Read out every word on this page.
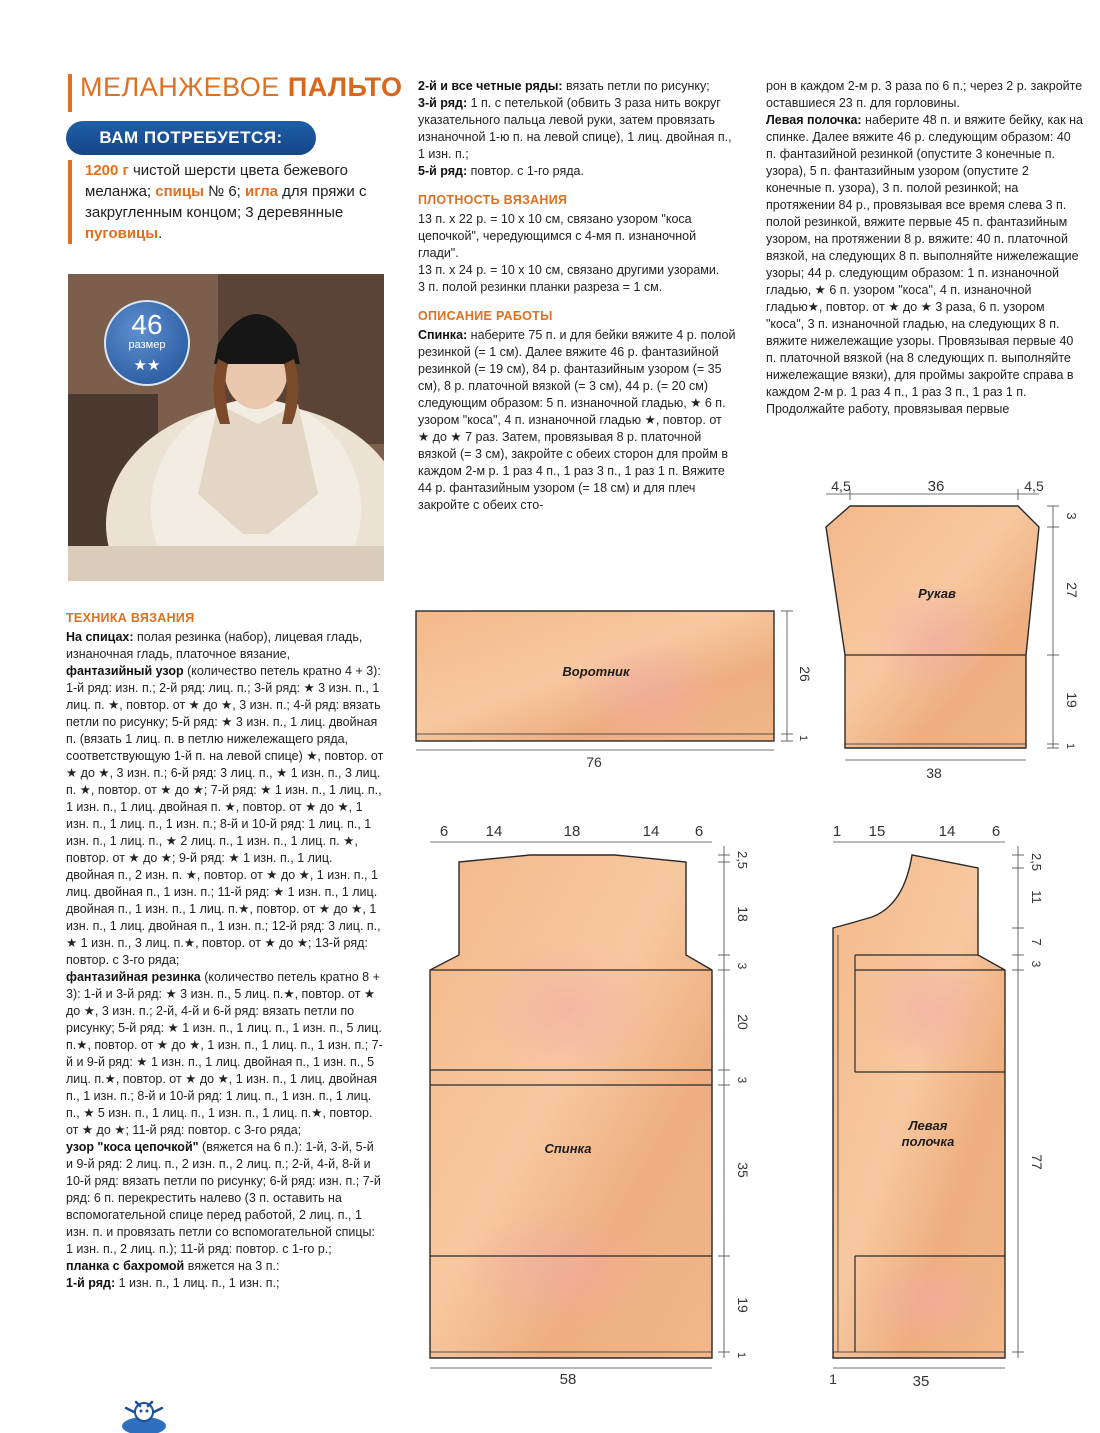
МЕЛАНЖЕВОЕ ПАЛЬТО
ВАМ ПОТРЕБУЕТСЯ:
1200 г чистой шерсти цвета бежевого меланжа; спицы № 6; игла для пряжи с закругленным концом; 3 деревянные пуговицы.
46
размер
★★
ТЕХНИКА ВЯЗАНИЯ

На спицах: полая резинка (набор), лицевая гладь, изнаночная гладь, платочное вязание,

фантазийный узор (количество петель кратно 4 + 3): 1-й ряд: изн. п.; 2-й ряд: лиц. п.; 3-й ряд: ★ 3 изн. п., 1 лиц. п. ★, повтор. от ★ до ★, 3 изн. п.; 4-й ряд: вязать петли по рисунку; 5-й ряд: ★ 3 изн. п., 1 лиц. двойная п. (вязать 1 лиц. п. в петлю нижележащего ряда, соответствующую 1-й п. на левой спице) ★, повтор. от ★ до ★, 3 изн. п.; 6-й ряд: 3 лиц. п., ★ 1 изн. п., 3 лиц. п. ★, повтор. от ★ до ★; 7-й ряд: ★ 1 изн. п., 1 лиц. п., 1 изн. п., 1 лиц. двойная п. ★, повтор. от ★ до ★, 1 изн. п., 1 лиц. п., 1 изн. п.; 8-й и 10-й ряд: 1 лиц. п., 1 изн. п., 1 лиц. п., ★ 2 лиц. п., 1 изн. п., 1 лиц. п. ★, повтор. от ★ до ★; 9-й ряд: ★ 1 изн. п., 1 лиц. двойная п., 2 изн. п. ★, повтор. от ★ до ★, 1 изн. п., 1 лиц. двойная п., 1 изн. п.; 11-й ряд: ★ 1 изн. п., 1 лиц. двойная п., 1 изн. п., 1 лиц. п.★, повтор. от ★ до ★, 1 изн. п., 1 лиц. двойная п., 1 изн. п.; 12-й ряд: 3 лиц. п., ★ 1 изн. п., 3 лиц. п.★, повтор. от ★ до ★; 13-й ряд: повтор. с 3-го ряда;

фантазийная резинка (количество петель кратно 8 + 3): 1-й и 3-й ряд: ★ 3 изн. п., 5 лиц. п.★, повтор. от ★ до ★, 3 изн. п.; 2-й, 4-й и 6-й ряд: вязать петли по рисунку; 5-й ряд: ★ 1 изн. п., 1 лиц. п., 1 изн. п., 5 лиц. п.★, повтор. от ★ до ★, 1 изн. п., 1 лиц. п., 1 изн. п.; 7-й и 9-й ряд: ★ 1 изн. п., 1 лиц. двойная п., 1 изн. п., 5 лиц. п.★, повтор. от ★ до ★, 1 изн. п., 1 лиц. двойная п., 1 изн. п.; 8-й и 10-й ряд: 1 лиц. п., 1 изн. п., 1 лиц. п., ★ 5 изн. п., 1 лиц. п., 1 изн. п., 1 лиц. п.★, повтор. от ★ до ★; 11-й ряд: повтор. с 3-го ряда;

узор "коса цепочкой" (вяжется на 6 п.): 1-й, 3-й, 5-й и 9-й ряд: 2 лиц. п., 2 изн. п., 2 лиц. п.; 2-й, 4-й, 8-й и 10-й ряд: вязать петли по рисунку; 6-й ряд: изн. п.; 7-й ряд: 6 п. перекрестить налево (3 п. оставить на вспомогательной спице перед работой, 2 лиц. п., 1 изн. п. и провязать петли со вспомогательной спицы: 1 изн. п., 2 лиц. п.); 11-й ряд: повтор. с 1-го р.;

планка с бахромой вяжется на 3 п.:

1-й ряд: 1 изн. п., 1 лиц. п., 1 изн. п.;

2-й и все четные ряды: вязать петли по рисунку;

3-й ряд: 1 п. с петелькой (обвить 3 раза нить вокруг указательного пальца левой руки, затем провязать изнаночной 1-ю п. на левой спице), 1 лиц. двойная п., 1 изн. п.;

5-й ряд: повтор. с 1-го ряда.

ПЛОТНОСТЬ ВЯЗАНИЯ

13 п. х 22 р. = 10 х 10 см, связано узором "коса цепочкой", чередующимся с 4-мя п. изнаночной глади".

13 п. х 24 р. = 10 х 10 см, связано другими узорами.

3 п. полой резинки планки разреза = 1 см.

ОПИСАНИЕ РАБОТЫ

Спинка: наберите 75 п. и для бейки вяжите 4 р. полой резинкой (= 1 см). Далее вяжите 46 р. фантазийной резинкой (= 19 см), 84 р. фантазийным узором (= 35 см), 8 р. платочной вязкой (= 3 см), 44 р. (= 20 см) следующим образом: 5 п. изнаночной гладью, ★ 6 п. узором "коса", 4 п. изнаночной гладью ★, повтор. от ★ до ★ 7 раз. Затем, провязывая 8 р. платочной вязкой (= 3 см), закройте с обеих сторон для пройм в каждом 2-м р. 1 раз 4 п., 1 раз 3 п., 1 раз 1 п. Вяжите 44 р. фантазийным узором (= 18 см) и для плеч закройте с обеих сто-

рон в каждом 2-м р. 3 раза по 6 п.; через 2 р. закройте оставшиеся 23 п. для горловины.

Левая полочка: наберите 48 п. и вяжите бейку, как на спинке. Далее вяжите 46 р. следующим образом: 40 п. фантазийной резинкой (опустите 3 конечные п. узора), 5 п. фантазийным узором (опустите 2 конечные п. узора), 3 п. полой резинкой; на протяжении 84 р., провязывая все время слева 3 п. полой резинкой, вяжите первые 45 п. фантазийным узором, на протяжении 8 р. вяжите: 40 п. платочной вязкой, на следующих 8 п. выполняйте нижележащие узоры; 44 р. следующим образом: 1 п. изнаночной гладью, ★ 6 п. узором "коса", 4 п. изнаночной гладью★, повтор. от ★ до ★ 3 раза, 6 п. узором "коса", 3 п. изнаночной гладью, на следующих 8 п. вяжите нижележащие узоры. Провязывая первые 40 п. платочной вязкой (на 8 следующих п. выполняйте нижележащие вязки), для проймы закройте справа в каждом 2-м р. 1 раз 4 п., 1 раз 3 п., 1 раз 1 п. Продолжайте работу, провязывая первые

Рукав
4,5	36	4,5
3
27
19
1
38
Воротник	26
1
76
Спинка
6 14	18	14 6
2,5
18
3
20
3
35
19
1
58
Левая
полочка
1 15	14 6
2,5
11
7
3
77
1	35
